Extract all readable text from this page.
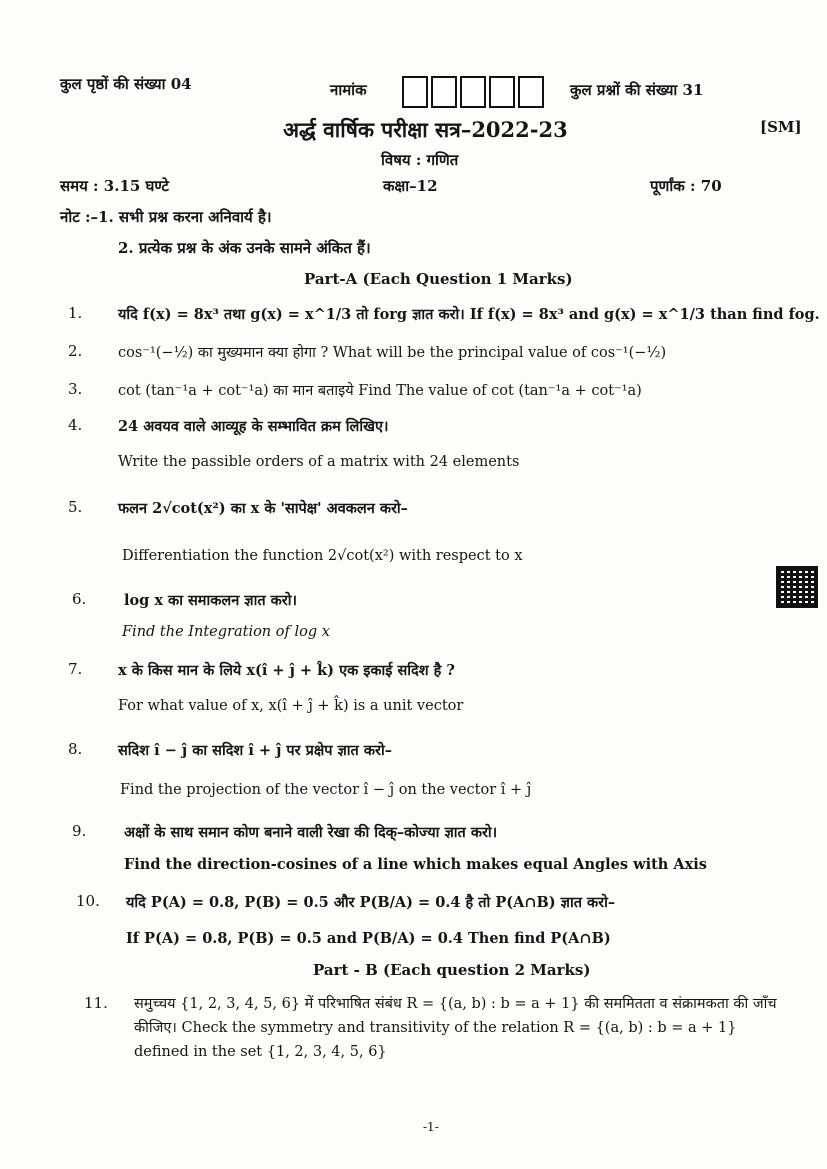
कुल पृष्ठों की संख्या 04	नामांक	कुल प्रश्नों की संख्या 31
अर्द्ध वार्षिक परीक्षा सत्र–2022-23	[SM]
विषय : गणित
समय : 3.15 घण्टे	कक्षा–12	पूर्णांक : 70
नोट :–1. सभी प्रश्न करना अनिवार्य है।
2. प्रत्येक प्रश्न के अंक उनके सामने अंकित हैं।
Part-A (Each Question 1 Marks)
1. यदि f(x) = 8x³ तथा g(x) = x^1/3 तो forg ज्ञात करो। If f(x) = 8x³ and g(x) = x^1/3 than find fog.
2. cos⁻¹(−½) का मुख्यमान क्या होगा ? What will be the principal value of cos⁻¹(−½)
3. cot (tan⁻¹a + cot⁻¹a) का मान बताइये Find The value of cot (tan⁻¹a + cot⁻¹a)
4. 24 अवयव वाले आव्यूह के सम्भावित क्रम लिखिए।
Write the passible orders of a matrix with 24 elements
5. फलन 2√cot(x²) का x के 'सापेक्ष' अवकलन करो–
Differentiation the function 2√cot(x²) with respect to x
6.	log x का समाकलन ज्ञात करो।
Find the Integration of log x
7. x के किस मान के लिये x(î + ĵ + k̂) एक इकाई सदिश है ?
For what value of x, x(î + ĵ + k̂) is a unit vector
8. सदिश î − ĵ का सदिश î + ĵ पर प्रक्षेप ज्ञात करो–
Find the projection of the vector î − ĵ on the vector î + ĵ
9.	अक्षों के साथ समान कोण बनाने वाली रेखा की दिक्–कोज्या ज्ञात करो।
Find the direction-cosines of a line which makes equal Angles with Axis
10. यदि P(A) = 0.8, P(B) = 0.5 और P(B/A) = 0.4 है तो P(A∩B) ज्ञात करो–
If P(A) = 0.8, P(B) = 0.5 and P(B/A) = 0.4 Then find P(A∩B)
Part - B (Each question 2 Marks)
11. समुच्चय {1, 2, 3, 4, 5, 6} में परिभाषित संबंध R = {(a, b) : b = a + 1} की सममितता व संक्रामकता की जाँच कीजिए। Check the symmetry and transitivity of the relation R = {(a, b) : b = a + 1} defined in the set {1, 2, 3, 4, 5, 6}
-1-
